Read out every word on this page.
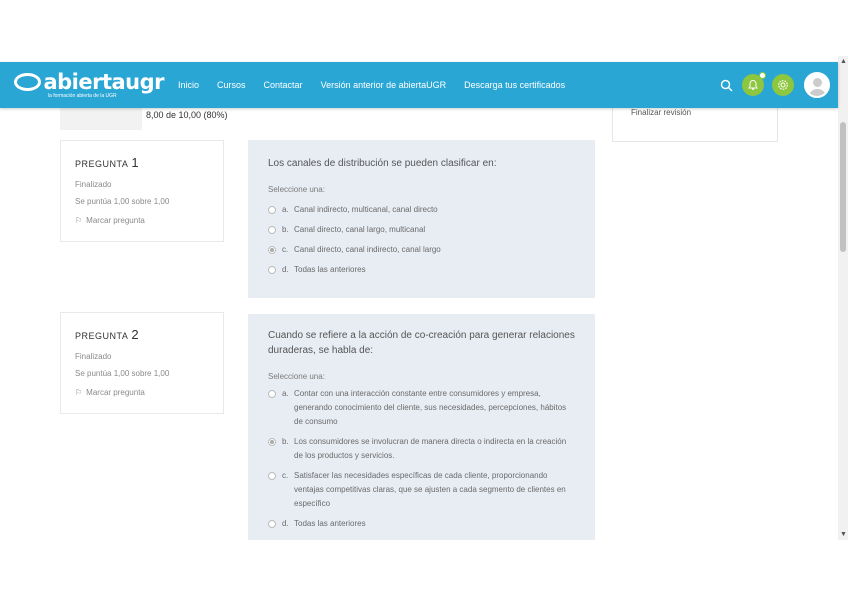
▲
▼
8,00 de 10,00 (80%)	Finalizar revisión
PREGUNTA 1
Finalizado
Se puntúa 1,00 sobre 1,00
⚐ Marcar pregunta
Los canales de distribución se pueden clasificar en:
Seleccione una:
a. Canal indirecto, multicanal, canal directo
b. Canal directo, canal largo, multicanal
c. Canal directo, canal indirecto, canal largo
d. Todas las anteriores
PREGUNTA 2
Finalizado
Se puntúa 1,00 sobre 1,00
⚐ Marcar pregunta
Cuando se refiere a la acción de co-creación para generar relaciones duraderas, se habla de:
Seleccione una:
a. Contar con una interacción constante entre consumidores y empresa, generando conocimiento del cliente, sus necesidades, percepciones, hábitos de consumo
b. Los consumidores se involucran de manera directa o indirecta en la creación de los productos y servicios.
c. Satisfacer las necesidades específicas de cada cliente, proporcionando ventajas competitivas claras, que se ajusten a cada segmento de clientes en específico
d. Todas las anteriores
abiertaugr
la formación abierta de la UGR
Inicio Cursos Contactar Versión anterior de abiertaUGR Descarga tus certificados
